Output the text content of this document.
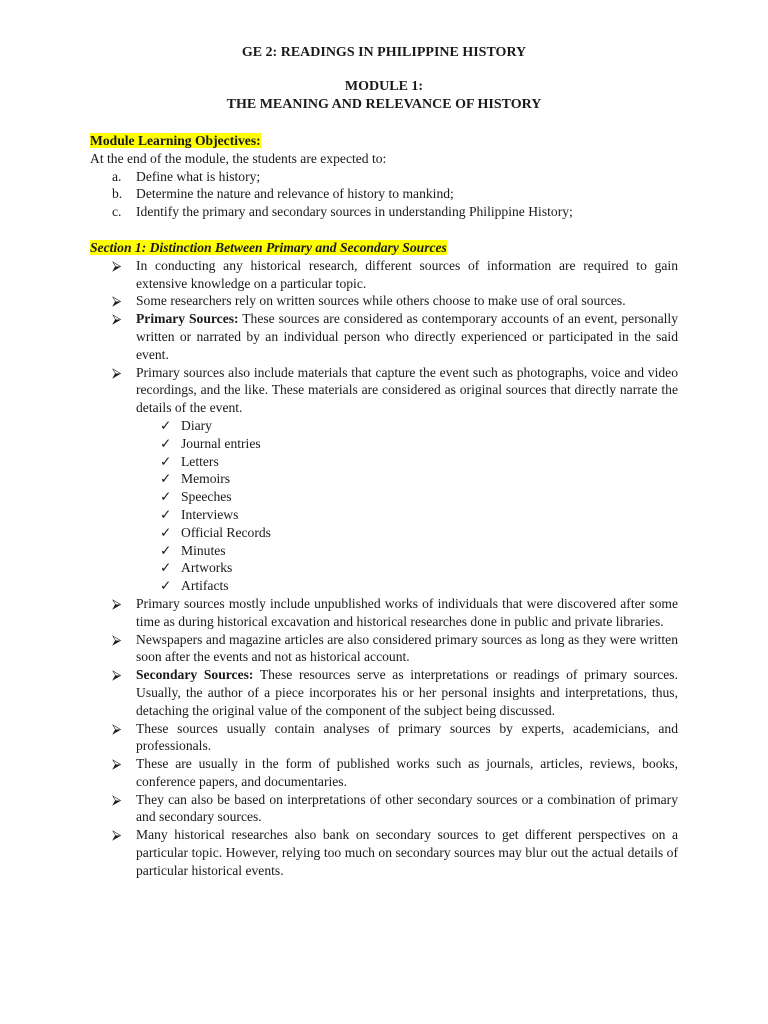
GE 2: READINGS IN PHILIPPINE HISTORY
MODULE 1:
THE MEANING AND RELEVANCE OF HISTORY
Module Learning Objectives:
At the end of the module, the students are expected to:
a. Define what is history;
b. Determine the nature and relevance of history to mankind;
c. Identify the primary and secondary sources in understanding Philippine History;
Section 1: Distinction Between Primary and Secondary Sources
⮚ In conducting any historical research, different sources of information are required to gain extensive knowledge on a particular topic.
⮚ Some researchers rely on written sources while others choose to make use of oral sources.
⮚ Primary Sources: These sources are considered as contemporary accounts of an event, personally written or narrated by an individual person who directly experienced or participated in the said event.
⮚ Primary sources also include materials that capture the event such as photographs, voice and video recordings, and the like. These materials are considered as original sources that directly narrate the details of the event.
✓ Diary
✓ Journal entries
✓ Letters
✓ Memoirs
✓ Speeches
✓ Interviews
✓ Official Records
✓ Minutes
✓ Artworks
✓ Artifacts
⮚ Primary sources mostly include unpublished works of individuals that were discovered after some time as during historical excavation and historical researches done in public and private libraries.
⮚ Newspapers and magazine articles are also considered primary sources as long as they were written soon after the events and not as historical account.
⮚ Secondary Sources: These resources serve as interpretations or readings of primary sources. Usually, the author of a piece incorporates his or her personal insights and interpretations, thus, detaching the original value of the component of the subject being discussed.
⮚ These sources usually contain analyses of primary sources by experts, academicians, and professionals.
⮚ These are usually in the form of published works such as journals, articles, reviews, books, conference papers, and documentaries.
⮚ They can also be based on interpretations of other secondary sources or a combination of primary and secondary sources.
⮚ Many historical researches also bank on secondary sources to get different perspectives on a particular topic. However, relying too much on secondary sources may blur out the actual details of particular historical events.
